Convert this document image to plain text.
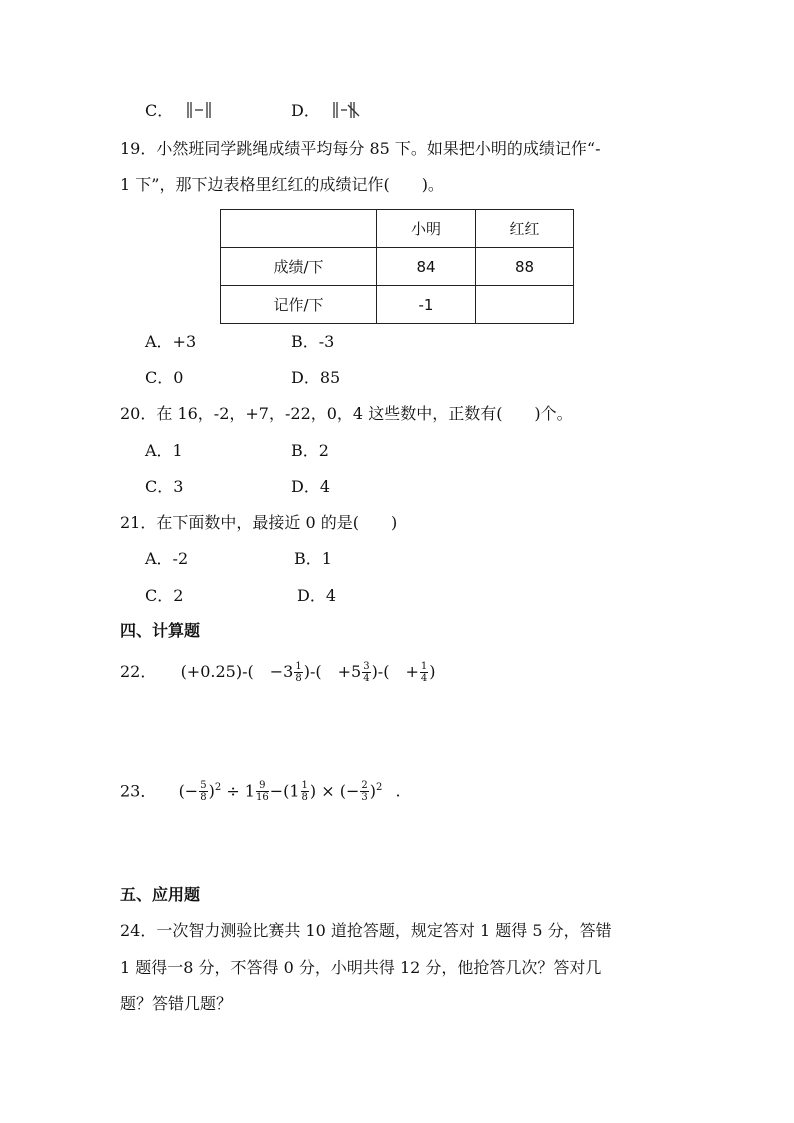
C．	D．
19．小然班同学跳绳成绩平均每分 85 下。如果把小明的成绩记作“-
1 下”，那下边表格里红红的成绩记作(　　)。
	小明	红红
成绩/下	84	88
记作/下	-1	
A．+3	B．-3
C．0	D．85
20．在 16，-2，+7，-22，0，4 这些数中，正数有(　　)个。
A．1	B．2
C．3	D．4
21．在下面数中，最接近 0 的是(　　)
A．-2	B．1
C．2	D．4
四、计算题
22． (+0.25)-(　$-3 \frac{1}{8}$ )-(　$+5 \frac{3}{4}$ )-(　+ $\frac{1}{4}$ )
23． (− $\frac{5}{8} )^2 \div 1 \frac{9}{16} -(1 \frac{1}{8}$ ) × (− $\frac{2}{3} )^2$ .
五、应用题
24．一次智力测验比赛共 10 道抢答题，规定答对 1 题得 5 分，答错
1 题得一8 分，不答得 0 分，小明共得 12 分，他抢答几次？答对几
题？答错几题？
